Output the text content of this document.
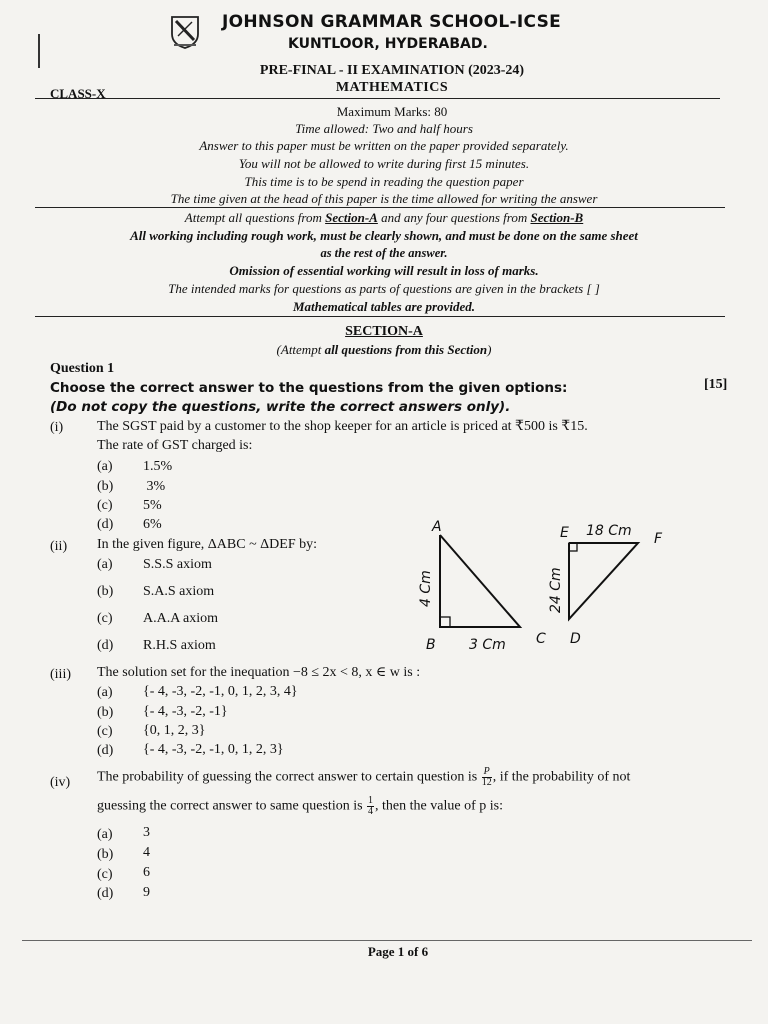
JOHNSON GRAMMAR SCHOOL-ICSE
KUNTLOOR, HYDERABAD.
PRE-FINAL - II EXAMINATION (2023-24)
CLASS-X	MATHEMATICS
Maximum Marks: 80
Time allowed: Two and half hours
Answer to this paper must be written on the paper provided separately.
You will not be allowed to write during first 15 minutes.
This time is to be spend in reading the question paper
The time given at the head of this paper is the time allowed for writing the answer
Attempt all questions from Section-A and any four questions from Section-B
All working including rough work, must be clearly shown, and must be done on the same sheet
as the rest of the answer.
Omission of essential working will result in loss of marks.
The intended marks for questions as parts of questions are given in the brackets [ ]
Mathematical tables are provided.
SECTION-A
(Attempt all questions from this Section)
Question 1
Choose the correct answer to the questions from the given options:	[15]
(Do not copy the questions, write the correct answers only).
(i) The SGST paid by a customer to the shop keeper for an article is priced at ₹500 is ₹15.
The rate of GST charged is:
(a) 1.5%
(b) 3%
(c) 5%
(d) 6%
(ii) In the given figure, ΔABC ~ ΔDEF by:
(a) S.S.S axiom
(b) S.A.S axiom
(c) A.A.A axiom
(d) R.H.S axiom
A
B	C
3 Cm
4 Cm
E 18 Cm F
D
24 Cm
(iii) The solution set for the inequation −8 ≤ 2x < 8, x ∈ w is :
(a) {- 4, -3, -2, -1, 0, 1, 2, 3, 4}
(b) {- 4, -3, -2, -1}
(c) {0, 1, 2, 3}
(d) {- 4, -3, -2, -1, 0, 1, 2, 3}
(iv) The probability of guessing the correct answer to certain question is $\frac{P}{12}$ , if the probability of not
guessing the correct answer to same question is $\frac{1}{4}$ , then the value of p is:
(a) 3
(b) 4
(c) 6
(d) 9
Page 1 of 6
